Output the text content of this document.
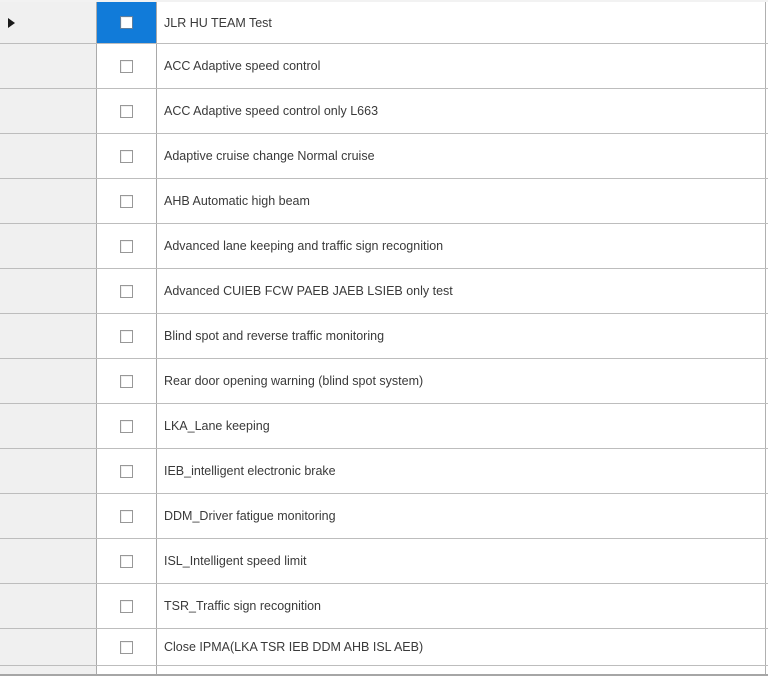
JLR HU TEAM Test
ACC Adaptive speed control
ACC Adaptive speed control only L663
Adaptive cruise change Normal cruise
AHB Automatic high beam
Advanced lane keeping and traffic sign recognition
Advanced CUIEB FCW PAEB JAEB LSIEB only test
Blind spot and reverse traffic monitoring
Rear door opening warning (blind spot system)
LKA_Lane keeping
IEB_intelligent electronic brake
DDM_Driver fatigue monitoring
ISL_Intelligent speed limit
TSR_Traffic sign recognition
Close IPMA(LKA TSR IEB DDM AHB ISL AEB)
